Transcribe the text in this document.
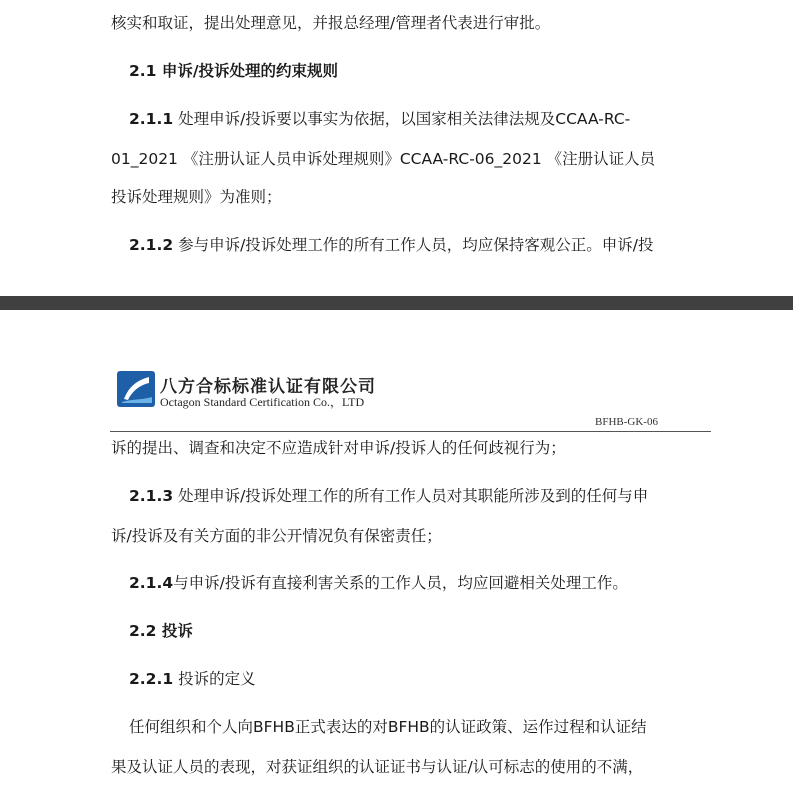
核实和取证，提出处理意见，并报总经理/管理者代表进行审批。

2.1 申诉/投诉处理的约束规则

2.1.1 处理申诉/投诉要以事实为依据，以国家相关法律法规及CCAA-RC-

01_2021 《注册认证人员申诉处理规则》CCAA-RC-06_2021 《注册认证人员

投诉处理规则》为准则；

2.1.2 参与申诉/投诉处理工作的所有工作人员，均应保持客观公正。申诉/投

八方合标标准认证有限公司
Octagon Standard Certification Co.，LTD
BFHB-GK-06

诉的提出、调查和决定不应造成针对申诉/投诉人的任何歧视行为；

2.1.3 处理申诉/投诉处理工作的所有工作人员对其职能所涉及到的任何与申

诉/投诉及有关方面的非公开情况负有保密责任；

2.1.4与申诉/投诉有直接利害关系的工作人员，均应回避相关处理工作。

2.2 投诉

2.2.1 投诉的定义

任何组织和个人向BFHB正式表达的对BFHB的认证政策、运作过程和认证结

果及认证人员的表现，对获证组织的认证证书与认证/认可标志的使用的不满，
